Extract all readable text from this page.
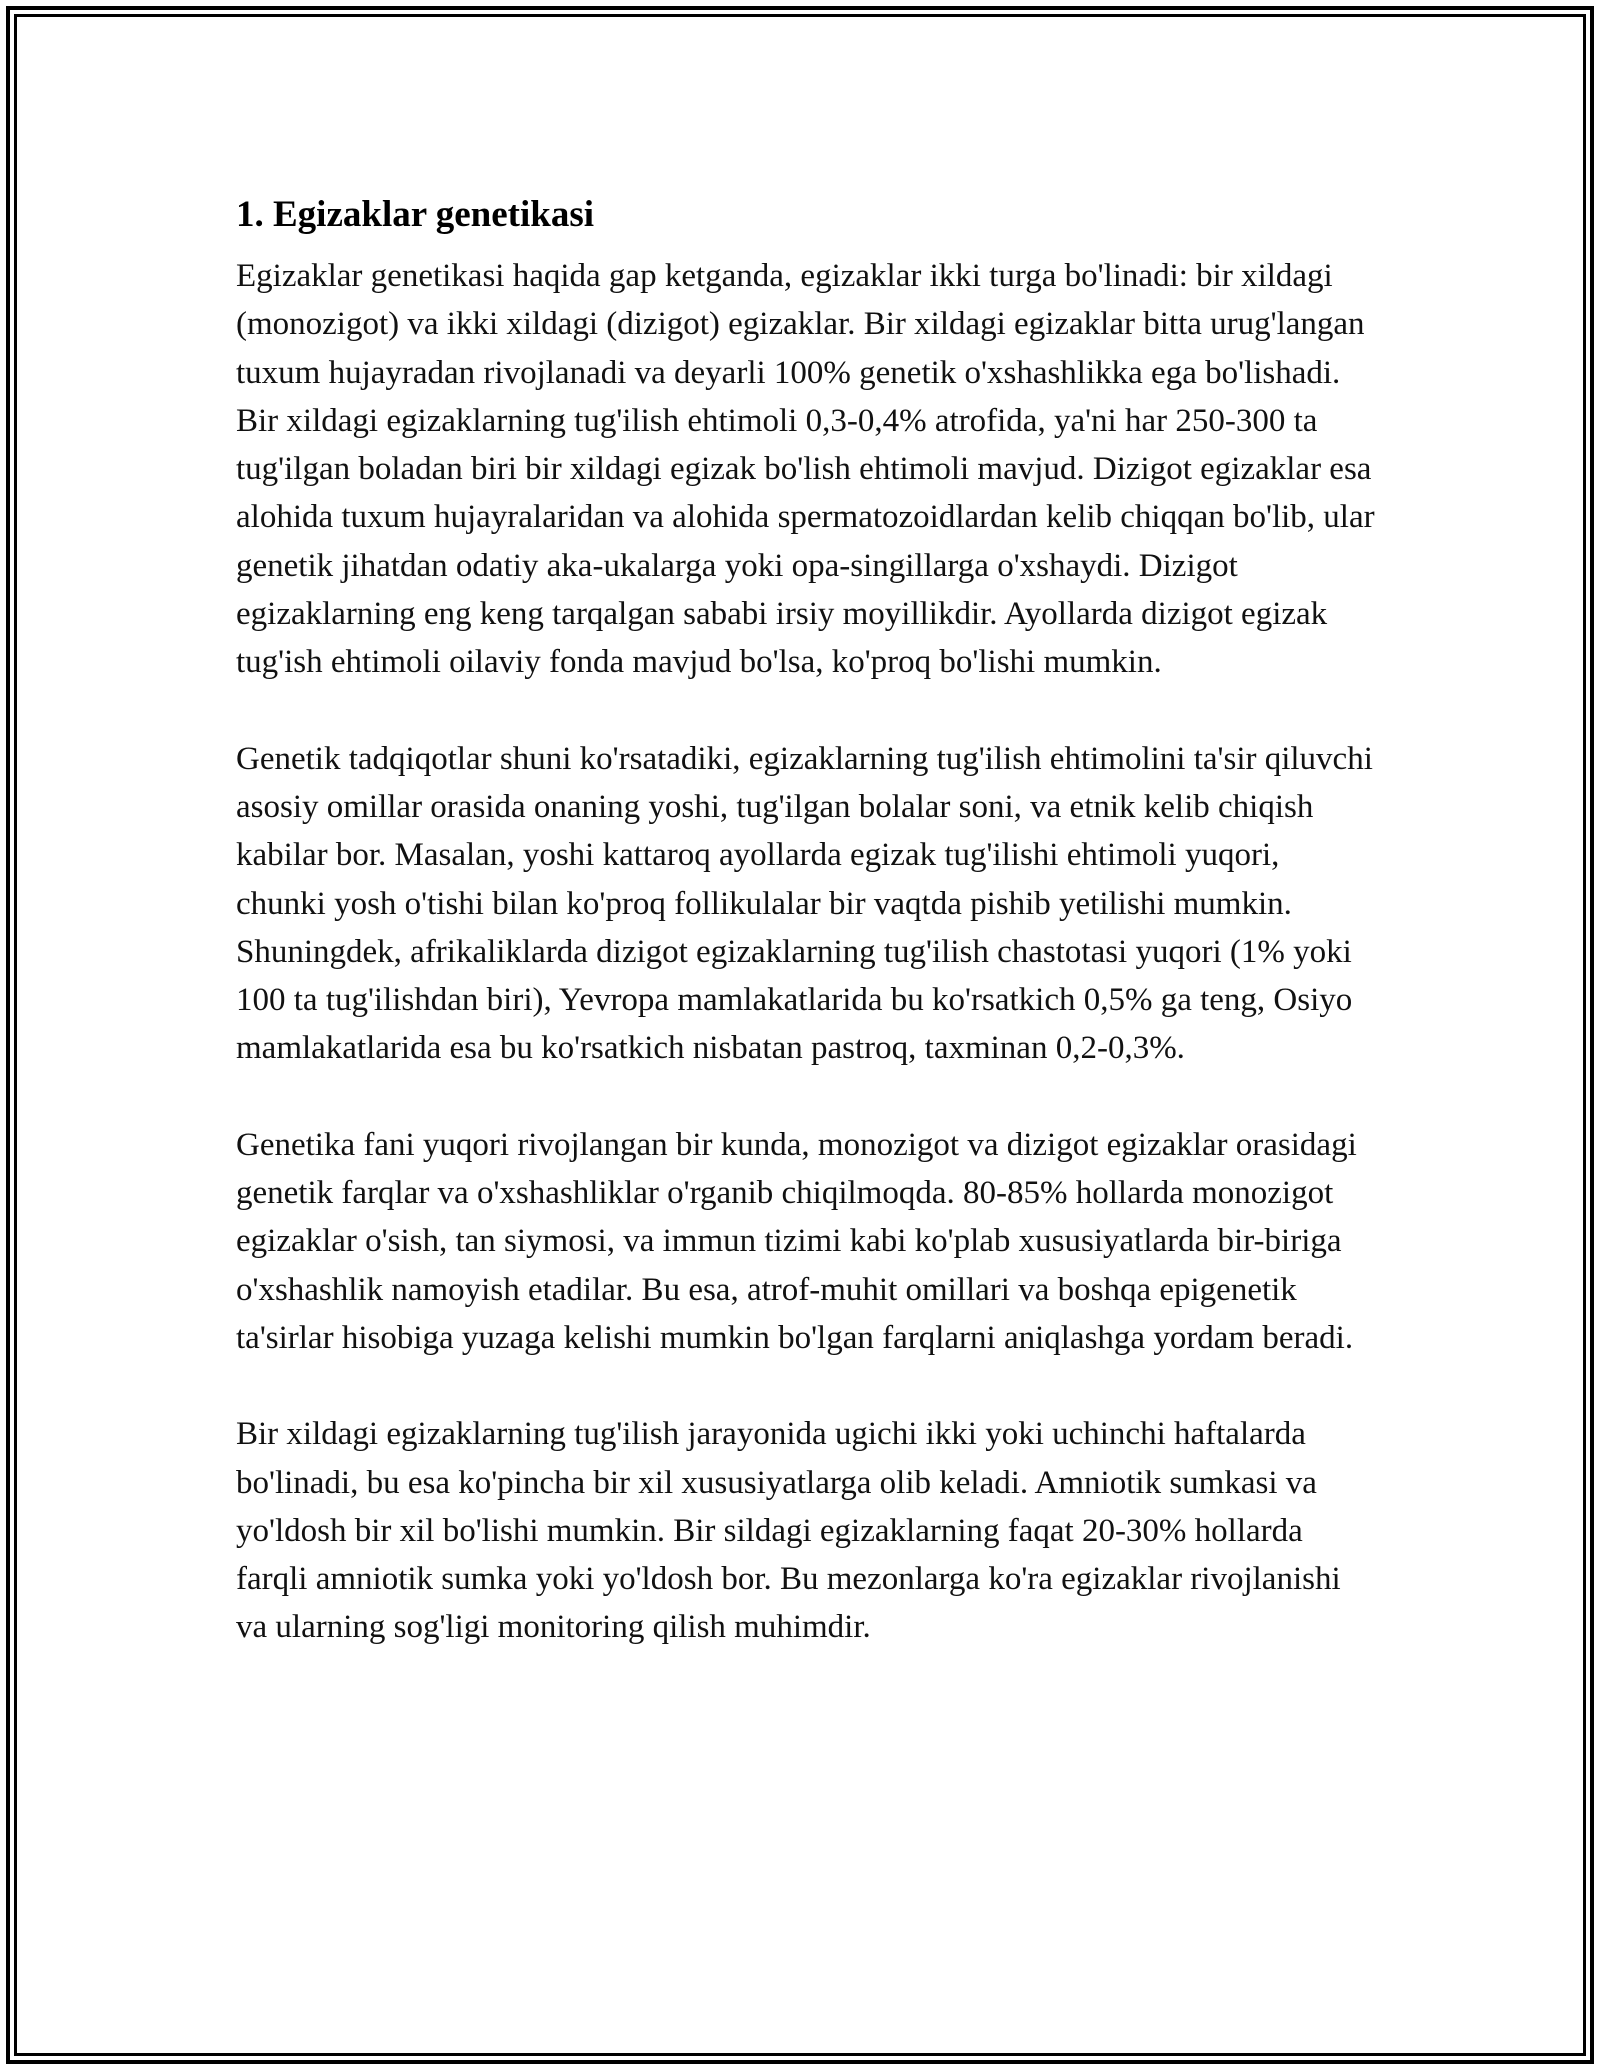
1. Egizaklar genetikasi

Egizaklar genetikasi haqida gap ketganda, egizaklar ikki turga bo'linadi: bir xildagi (monozigot) va ikki xildagi (dizigot) egizaklar. Bir xildagi egizaklar bitta urug'langan tuxum hujayradan rivojlanadi va deyarli 100% genetik o'xshashlikka ega bo'lishadi. Bir xildagi egizaklarning tug'ilish ehtimoli 0,3-0,4% atrofida, ya'ni har 250-300 ta tug'ilgan boladan biri bir xildagi egizak bo'lish ehtimoli mavjud. Dizigot egizaklar esa alohida tuxum hujayralaridan va alohida spermatozoidlardan kelib chiqqan bo'lib, ular genetik jihatdan odatiy aka-ukalarga yoki opa-singillarga o'xshaydi. Dizigot egizaklarning eng keng tarqalgan sababi irsiy moyillikdir. Ayollarda dizigot egizak tug'ish ehtimoli oilaviy fonda mavjud bo'lsa, ko'proq bo'lishi mumkin.

Genetik tadqiqotlar shuni ko'rsatadiki, egizaklarning tug'ilish ehtimolini ta'sir qiluvchi asosiy omillar orasida onaning yoshi, tug'ilgan bolalar soni, va etnik kelib chiqish kabilar bor. Masalan, yoshi kattaroq ayollarda egizak tug'ilishi ehtimoli yuqori, chunki yosh o'tishi bilan ko'proq follikulalar bir vaqtda pishib yetilishi mumkin. Shuningdek, afrikaliklarda dizigot egizaklarning tug'ilish chastotasi yuqori (1% yoki 100 ta tug'ilishdan biri), Yevropa mamlakatlarida bu ko'rsatkich 0,5% ga teng, Osiyo mamlakatlarida esa bu ko'rsatkich nisbatan pastroq, taxminan 0,2-0,3%.

Genetika fani yuqori rivojlangan bir kunda, monozigot va dizigot egizaklar orasidagi genetik farqlar va o'xshashliklar o'rganib chiqilmoqda. 80-85% hollarda monozigot egizaklar o'sish, tan siymosi, va immun tizimi kabi ko'plab xususiyatlarda bir-biriga o'xshashlik namoyish etadilar. Bu esa, atrof-muhit omillari va boshqa epigenetik ta'sirlar hisobiga yuzaga kelishi mumkin bo'lgan farqlarni aniqlashga yordam beradi.

Bir xildagi egizaklarning tug'ilish jarayonida ugichi ikki yoki uchinchi haftalarda bo'linadi, bu esa ko'pincha bir xil xususiyatlarga olib keladi. Amniotik sumkasi va yo'ldosh bir xil bo'lishi mumkin. Bir sildagi egizaklarning faqat 20-30% hollarda farqli amniotik sumka yoki yo'ldosh bor. Bu mezonlarga ko'ra egizaklar rivojlanishi va ularning sog'ligi monitoring qilish muhimdir.
